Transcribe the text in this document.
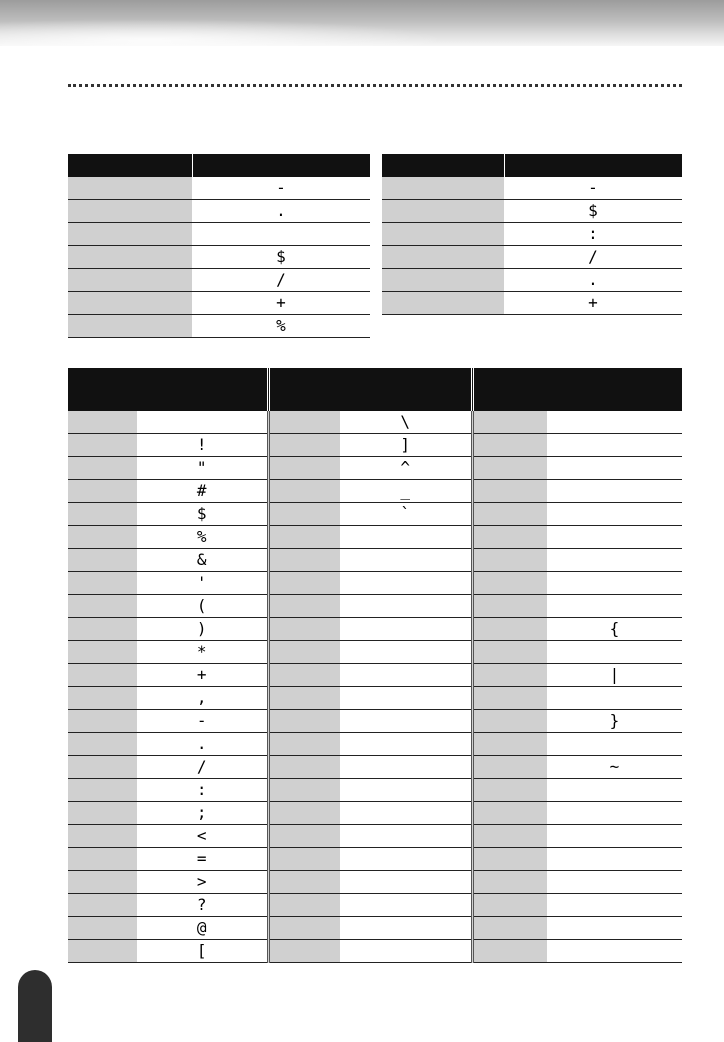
	-
	.

	$
	/
	+
	%

	-
	$
	:
	/
	.
	+

			\		
	!		]		
	"		^		
	#		_		
	$		`		
	%				
	&				
	'				
	(				
	)				{
	*				
	+				|
	,				
	-				}
	.				
	/				~
	:				
	;				
	<				
	=				
	>				
	?				
	@				
	[				
